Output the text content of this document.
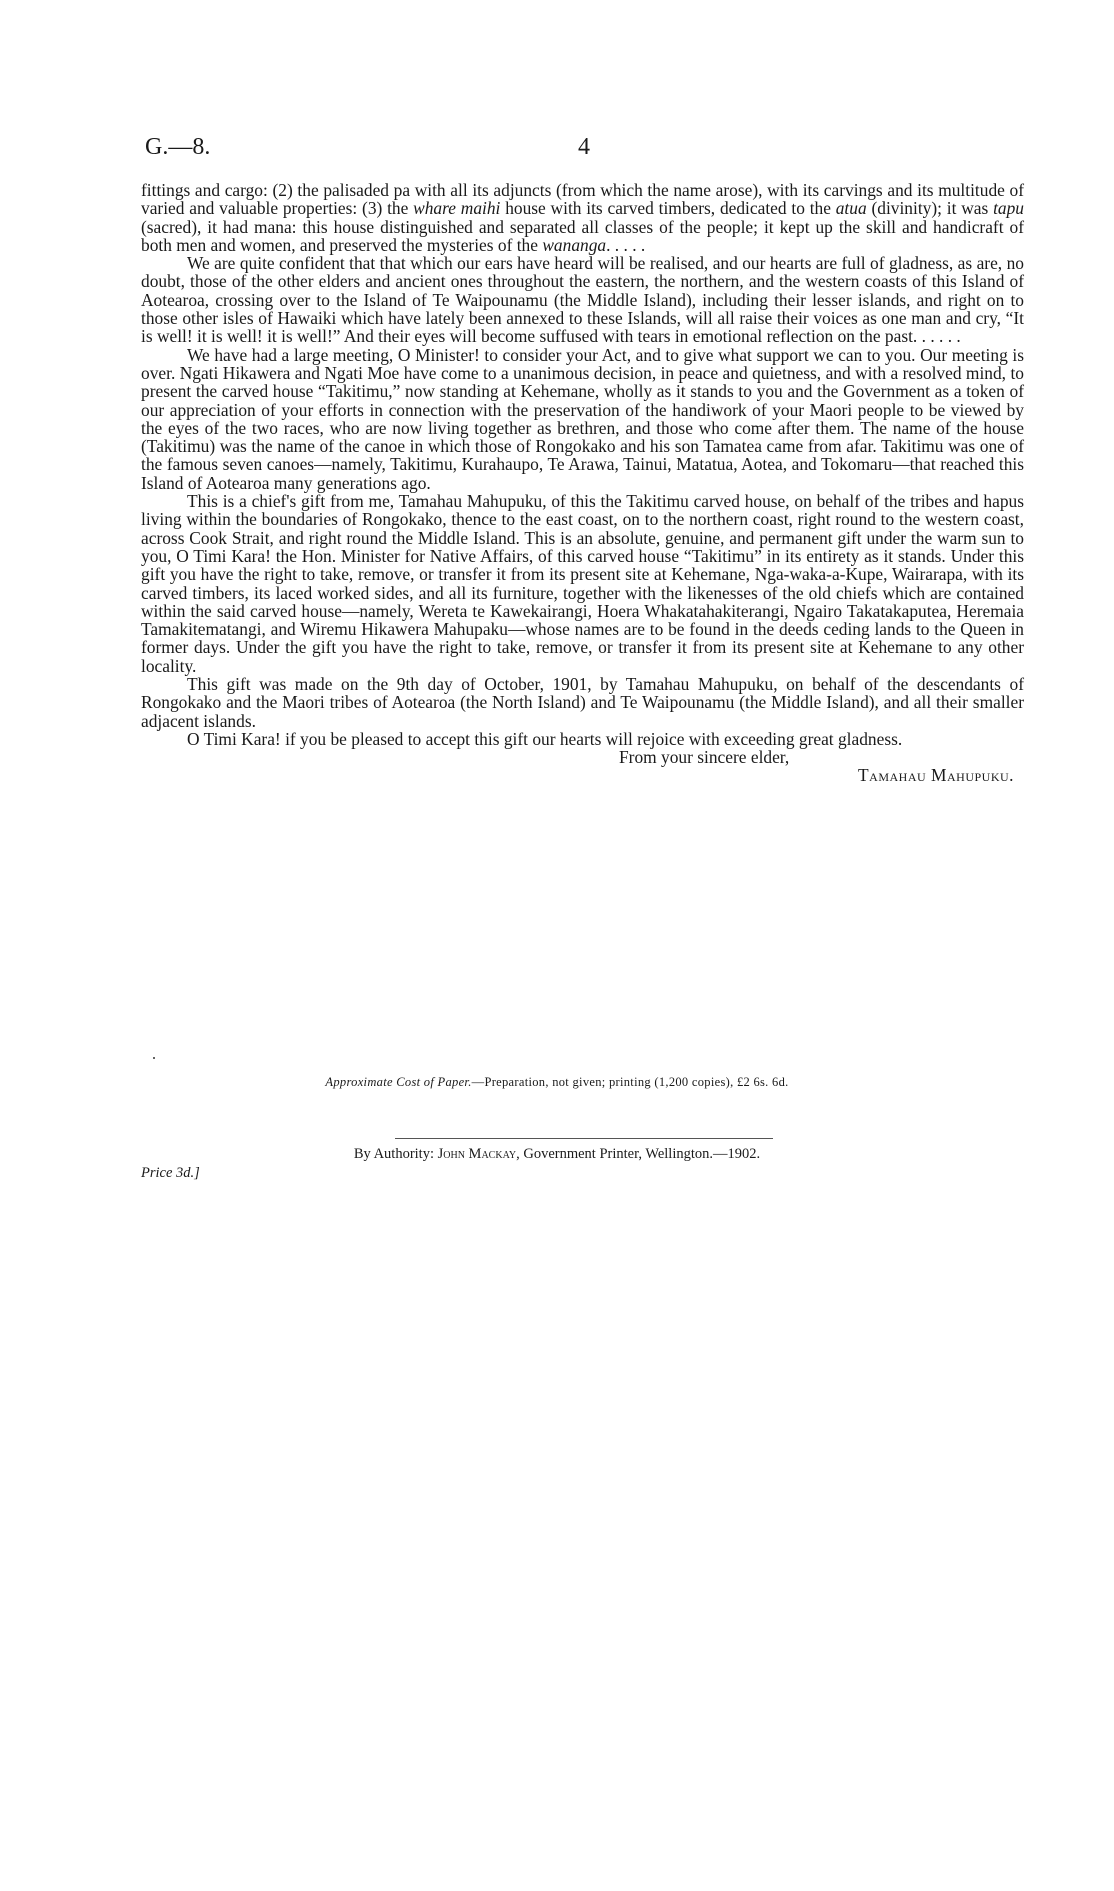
G.—8.	4

fittings and cargo: (2) the palisaded pa with all its adjuncts (from which the name arose), with its carvings and its multitude of varied and valuable properties: (3) the whare maihi house with its carved timbers, dedicated to the atua (divinity); it was tapu (sacred), it had mana: this house distinguished and separated all classes of the people; it kept up the skill and handicraft of both men and women, and preserved the mysteries of the wananga. . . . .

We are quite confident that that which our ears have heard will be realised, and our hearts are full of gladness, as are, no doubt, those of the other elders and ancient ones throughout the eastern, the northern, and the western coasts of this Island of Aotearoa, crossing over to the Island of Te Waipounamu (the Middle Island), including their lesser islands, and right on to those other isles of Hawaiki which have lately been annexed to these Islands, will all raise their voices as one man and cry, “It is well! it is well! it is well!” And their eyes will become suffused with tears in emotional reflection on the past. . . . . .

We have had a large meeting, O Minister! to consider your Act, and to give what support we can to you. Our meeting is over. Ngati Hikawera and Ngati Moe have come to a unanimous decision, in peace and quietness, and with a resolved mind, to present the carved house “Takitimu,” now standing at Kehemane, wholly as it stands to you and the Government as a token of our appreciation of your efforts in connection with the preservation of the handiwork of your Maori people to be viewed by the eyes of the two races, who are now living together as brethren, and those who come after them. The name of the house (Takitimu) was the name of the canoe in which those of Rongokako and his son Tamatea came from afar. Takitimu was one of the famous seven canoes—namely, Takitimu, Kurahaupo, Te Arawa, Tainui, Matatua, Aotea, and Tokomaru—that reached this Island of Aotearoa many generations ago.

This is a chief's gift from me, Tamahau Mahupuku, of this the Takitimu carved house, on behalf of the tribes and hapus living within the boundaries of Rongokako, thence to the east coast, on to the northern coast, right round to the western coast, across Cook Strait, and right round the Middle Island. This is an absolute, genuine, and permanent gift under the warm sun to you, O Timi Kara! the Hon. Minister for Native Affairs, of this carved house “Takitimu” in its entirety as it stands. Under this gift you have the right to take, remove, or transfer it from its present site at Kehemane, Nga-waka-a-Kupe, Wairarapa, with its carved timbers, its laced worked sides, and all its furniture, together with the likenesses of the old chiefs which are contained within the said carved house—namely, Wereta te Kawekairangi, Hoera Whakatahakiterangi, Ngairo Takatakaputea, Heremaia Tamakitematangi, and Wiremu Hikawera Mahupaku—whose names are to be found in the deeds ceding lands to the Queen in former days. Under the gift you have the right to take, remove, or transfer it from its present site at Kehemane to any other locality.

This gift was made on the 9th day of October, 1901, by Tamahau Mahupuku, on behalf of the descendants of Rongokako and the Maori tribes of Aotearoa (the North Island) and Te Waipounamu (the Middle Island), and all their smaller adjacent islands.

O Timi Kara! if you be pleased to accept this gift our hearts will rejoice with exceeding great gladness.

From your sincere elder,
Tamahau Mahupuku.
Approximate Cost of Paper.—Preparation, not given; printing (1,200 copies), £2 6s. 6d.
By Authority: John Mackay, Government Printer, Wellington.—1902.
Price 3d.]
